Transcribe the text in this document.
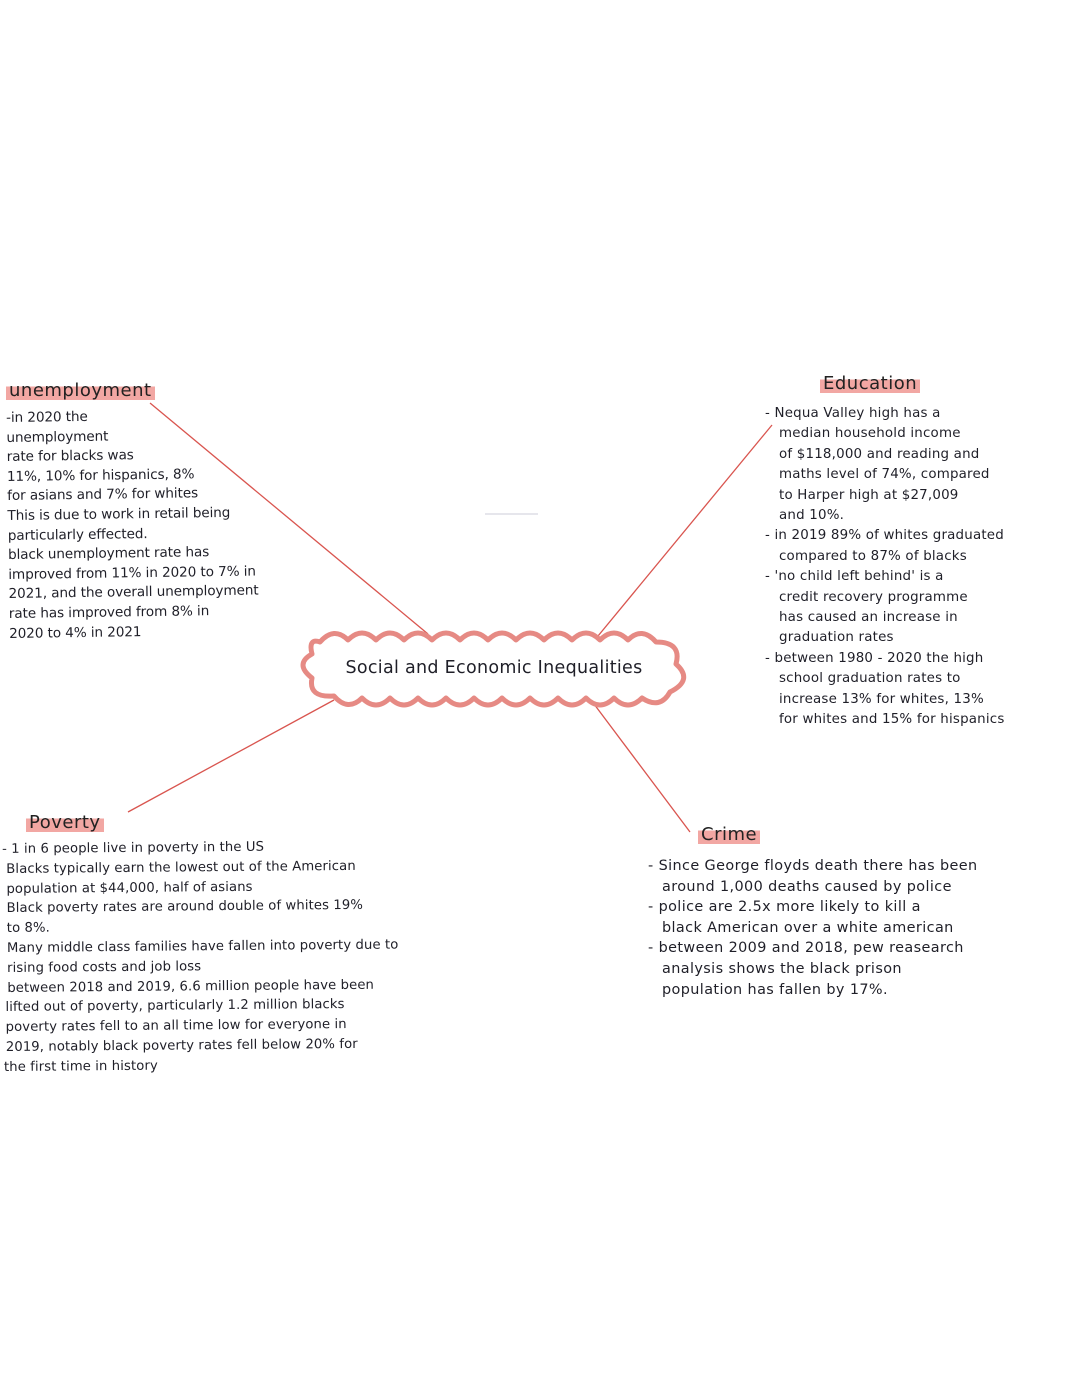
Social and Economic Inequalities
unemployment
-in 2020 the
unemployment
rate for blacks was
11%, 10% for hispanics, 8%
for asians and 7% for whites
This is due to work in retail being
particularly effected.
black unemployment rate has
improved from 11% in 2020 to 7% in
2021, and the overall unemployment
rate has improved from 8% in
2020 to 4% in 2021
Education
- Nequa Valley high has a
median household income
of $118,000 and reading and
maths level of 74%, compared
to Harper high at $27,009
and 10%.
- in 2019 89% of whites graduated
compared to 87% of blacks
- 'no child left behind' is a
credit recovery programme
has caused an increase in
graduation rates
- between 1980 - 2020 the high
school graduation rates to
increase 13% for whites, 13%
for whites and 15% for hispanics
Poverty
- 1 in 6 people live in poverty in the US
Blacks typically earn the lowest out of the American
population at $44,000, half of asians
Black poverty rates are around double of whites 19%
to 8%.
Many middle class families have fallen into poverty due to
rising food costs and job loss
between 2018 and 2019, 6.6 million people have been
lifted out of poverty, particularly 1.2 million blacks
poverty rates fell to an all time low for everyone in
2019, notably black poverty rates fell below 20% for
the first time in history
Crime
- Since George floyds death there has been
around 1,000 deaths caused by police
- police are 2.5x more likely to kill a
black American over a white american
- between 2009 and 2018, pew reasearch
analysis shows the black prison
population has fallen by 17%.
